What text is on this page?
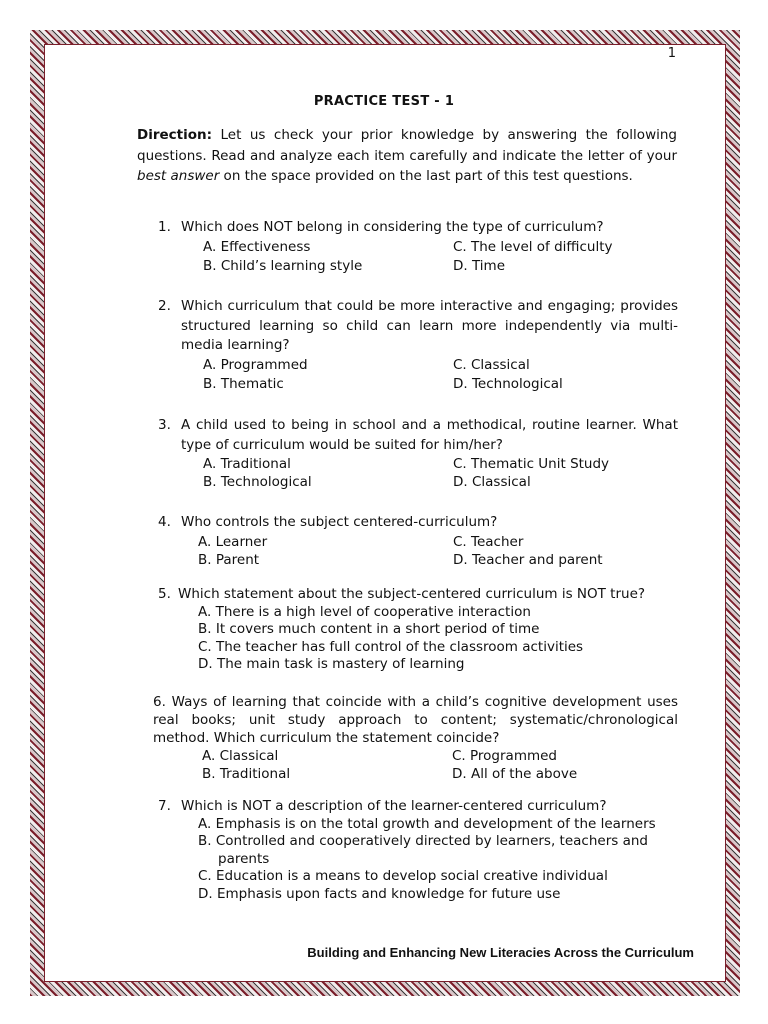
1
PRACTICE TEST - 1
Direction: Let us check your prior knowledge by answering the following questions. Read and analyze each item carefully and indicate the letter of your best answer on the space provided on the last part of this test questions.
1. Which does NOT belong in considering the type of curriculum?
A. Effectiveness	C. The level of difficulty
B. Child’s learning style	D. Time
2. Which curriculum that could be more interactive and engaging; provides structured learning so child can learn more independently via multi-media learning?
A. Programmed	C. Classical
B. Thematic	D. Technological
3. A child used to being in school and a methodical, routine learner. What type of curriculum would be suited for him/her?
A. Traditional	C. Thematic Unit Study
B. Technological	D. Classical
4. Who controls the subject centered-curriculum?
A. Learner	C. Teacher
B. Parent	D. Teacher and parent
5. Which statement about the subject-centered curriculum is NOT true?
A. There is a high level of cooperative interaction
B. It covers much content in a short period of time
C. The teacher has full control of the classroom activities
D. The main task is mastery of learning
6. Ways of learning that coincide with a child’s cognitive development uses real books; unit study approach to content; systematic/chronological method. Which curriculum the statement coincide?
A. Classical	C. Programmed
B. Traditional	D. All of the above
7. Which is NOT a description of the learner-centered curriculum?
A. Emphasis is on the total growth and development of the learners
B. Controlled and cooperatively directed by learners, teachers and parents
C. Education is a means to develop social creative individual
D. Emphasis upon facts and knowledge for future use
Building and Enhancing New Literacies Across the Curriculum
